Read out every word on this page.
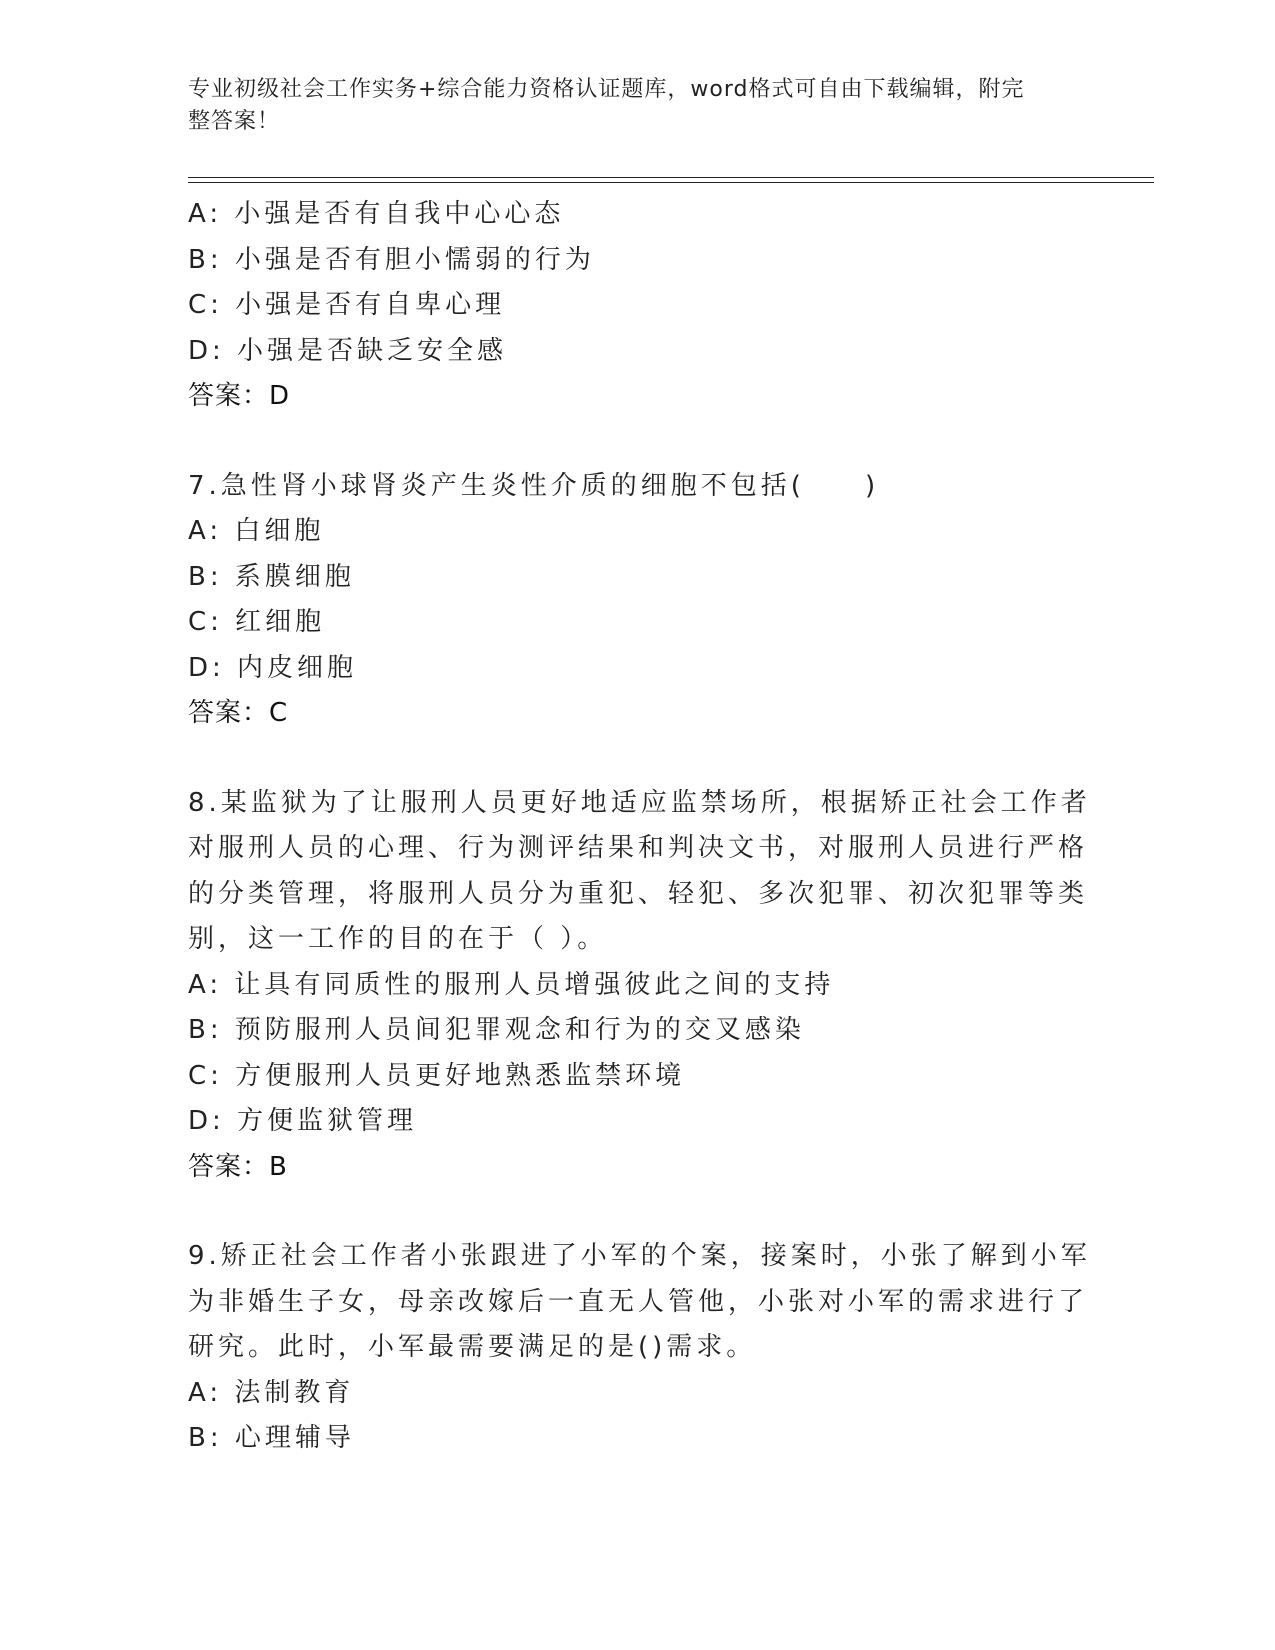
专业初级社会工作实务+综合能力资格认证题库，word格式可自由下载编辑，附完
整答案！
A: 小强是否有自我中心心态
B: 小强是否有胆小懦弱的行为
C: 小强是否有自卑心理
D: 小强是否缺乏安全感
答案：D
7.急性肾小球肾炎产生炎性介质的细胞不包括(　　)
A: 白细胞
B: 系膜细胞
C: 红细胞
D: 内皮细胞
答案：C
8.某监狱为了让服刑人员更好地适应监禁场所，根据矫正社会工作者
对服刑人员的心理、行为测评结果和判决文书，对服刑人员进行严格
的分类管理，将服刑人员分为重犯、轻犯、多次犯罪、初次犯罪等类
别，这一工作的目的在于（ ）。
A: 让具有同质性的服刑人员增强彼此之间的支持
B: 预防服刑人员间犯罪观念和行为的交叉感染
C: 方便服刑人员更好地熟悉监禁环境
D: 方便监狱管理
答案：B
9.矫正社会工作者小张跟进了小军的个案，接案时，小张了解到小军
为非婚生子女，母亲改嫁后一直无人管他，小张对小军的需求进行了
研究。此时，小军最需要满足的是()需求。
A: 法制教育
B: 心理辅导
